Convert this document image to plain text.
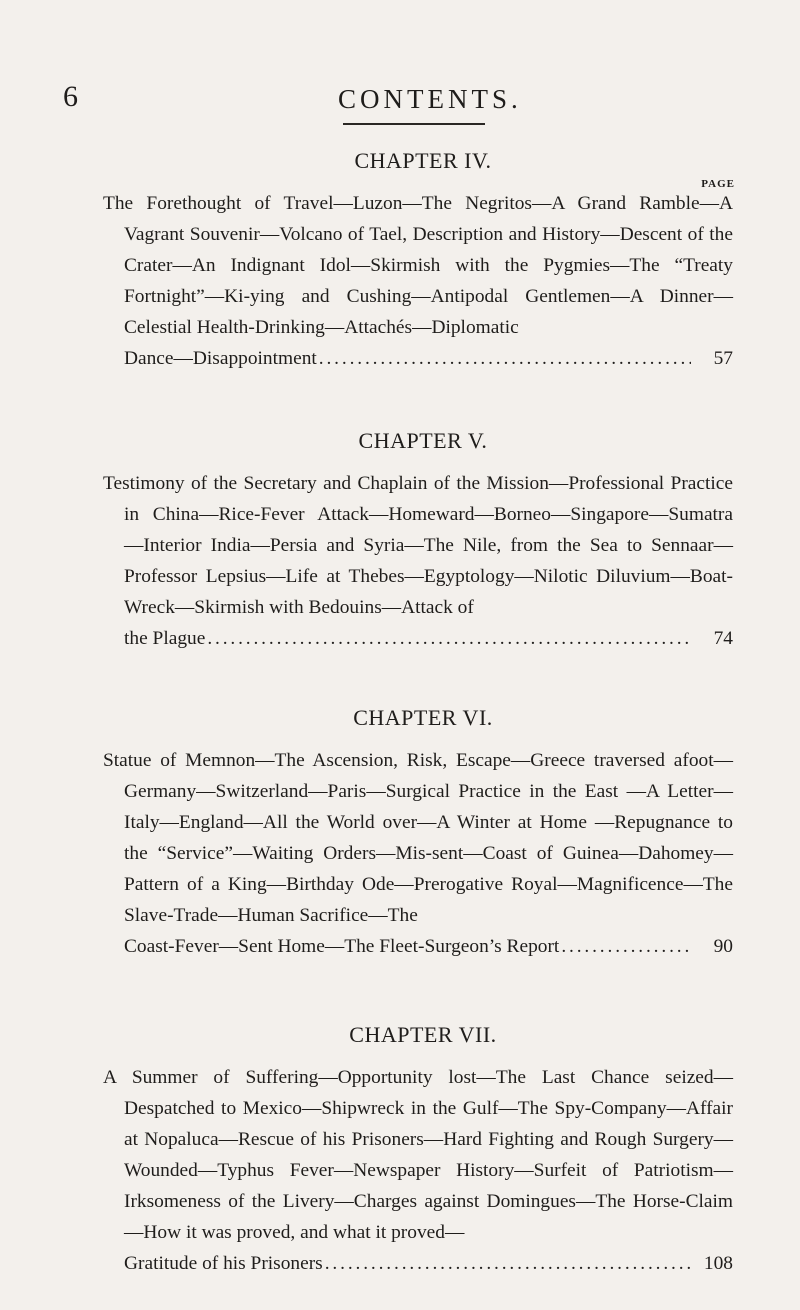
6	CONTENTS.
CHAPTER IV.
PAGE

The Forethought of Travel—Luzon—The Negritos—A Grand Ramble—A Vagrant Souvenir—Volcano of Tael, Description and History—Descent of the Crater—An Indignant Idol—Skirmish with the Pygmies—The “Treaty Fortnight”—Ki-ying and Cushing—Antipodal Gentlemen—A Dinner—Celestial Health-Drinking—Attachés—Diplomatic

Dance—Disappointment . . .	57
CHAPTER V.

Testimony of the Secretary and Chaplain of the Mission—Professional Practice in China—Rice-Fever Attack—Homeward—Borneo—Singapore—Sumatra—Interior India—Persia and Syria—The Nile, from the Sea to Sennaar—Professor Lepsius—Life at Thebes—Egyptology—Nilotic Diluvium—Boat-Wreck—Skirmish with Bedouins—Attack of

the Plague . . .	74
CHAPTER VI.

Statue of Memnon—The Ascension, Risk, Escape—Greece traversed afoot—Germany—Switzerland—Paris—Surgical Practice in the East —A Letter—Italy—England—All the World over—A Winter at Home —Repugnance to the “Service”—Waiting Orders—Mis-sent—Coast of Guinea—Dahomey—Pattern of a King—Birthday Ode—Prerogative Royal—Magnificence—The Slave-Trade—Human Sacrifice—The

Coast-Fever—Sent Home—The Fleet-Surgeon’s Report . . .	90
CHAPTER VII.

A Summer of Suffering—Opportunity lost—The Last Chance seized—Despatched to Mexico—Shipwreck in the Gulf—The Spy-Company—Affair at Nopaluca—Rescue of his Prisoners—Hard Fighting and Rough Surgery—Wounded—Typhus Fever—Newspaper History—Surfeit of Patriotism—Irksomeness of the Livery—Charges against Domingues—The Horse-Claim—How it was proved, and what it proved—

Gratitude of his Prisoners . . .	108
